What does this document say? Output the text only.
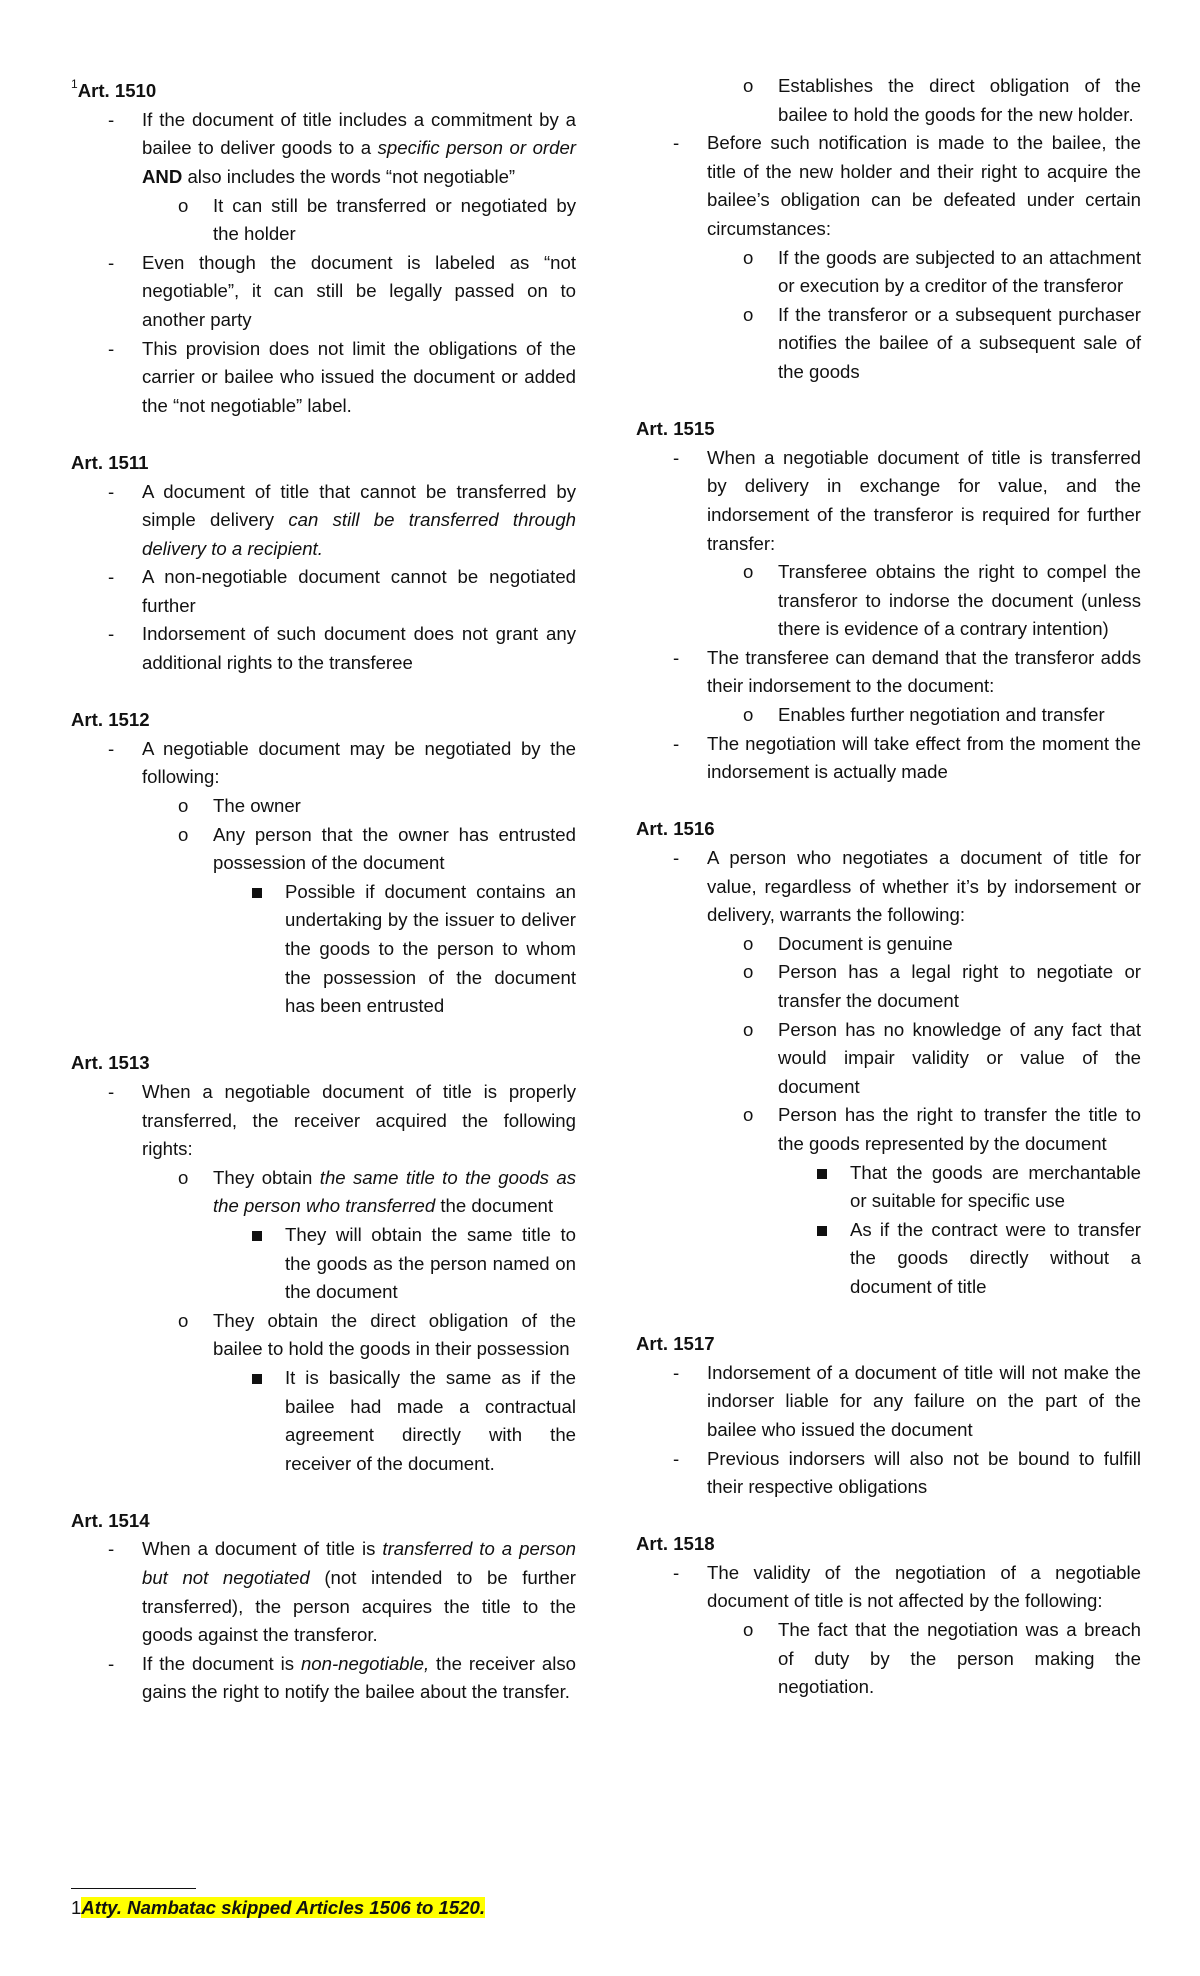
$^1$Art. 1510

- If the document of title includes a commitment by a bailee to deliver goods to a specific person or order AND also includes the words “not negotiable”
o It can still be transferred or negotiated by the holder
- Even though the document is labeled as “not negotiable”, it can still be legally passed on to another party
- This provision does not limit the obligations of the carrier or bailee who issued the document or added the “not negotiable” label.

Art. 1511

- A document of title that cannot be transferred by simple delivery can still be transferred through delivery to a recipient.
- A non-negotiable document cannot be negotiated further
- Indorsement of such document does not grant any additional rights to the transferee

Art. 1512

- A negotiable document may be negotiated by the following:
o The owner
o Any person that the owner has entrusted possession of the document
Possible if document contains an undertaking by the issuer to deliver the goods to the person to whom the possession of the document has been entrusted

Art. 1513

- When a negotiable document of title is properly transferred, the receiver acquired the following rights:
o They obtain the same title to the goods as the person who transferred the document
They will obtain the same title to the goods as the person named on the document
o They obtain the direct obligation of the bailee to hold the goods in their possession
It is basically the same as if the bailee had made a contractual agreement directly with the receiver of the document.

Art. 1514

- When a document of title is transferred to a person but not negotiated (not intended to be further transferred), the person acquires the title to the goods against the transferor.
- If the document is non-negotiable, the receiver also gains the right to notify the bailee about the transfer.
o Establishes the direct obligation of the bailee to hold the goods for the new holder.
- Before such notification is made to the bailee, the title of the new holder and their right to acquire the bailee’s obligation can be defeated under certain circumstances:
o If the goods are subjected to an attachment or execution by a creditor of the transferor
o If the transferor or a subsequent purchaser notifies the bailee of a subsequent sale of the goods

Art. 1515

- When a negotiable document of title is transferred by delivery in exchange for value, and the indorsement of the transferor is required for further transfer:
o Transferee obtains the right to compel the transferor to indorse the document (unless there is evidence of a contrary intention)
- The transferee can demand that the transferor adds their indorsement to the document:
o Enables further negotiation and transfer
- The negotiation will take effect from the moment the indorsement is actually made

Art. 1516

- A person who negotiates a document of title for value, regardless of whether it’s by indorsement or delivery, warrants the following:
o Document is genuine
o Person has a legal right to negotiate or transfer the document
o Person has no knowledge of any fact that would impair validity or value of the document
o Person has the right to transfer the title to the goods represented by the document
That the goods are merchantable or suitable for specific use
As if the contract were to transfer the goods directly without a document of title

Art. 1517

- Indorsement of a document of title will not make the indorser liable for any failure on the part of the bailee who issued the document
- Previous indorsers will also not be bound to fulfill their respective obligations

Art. 1518

- The validity of the negotiation of a negotiable document of title is not affected by the following:
o The fact that the negotiation was a breach of duty by the person making the negotiation.
1Atty. Nambatac skipped Articles 1506 to 1520.
